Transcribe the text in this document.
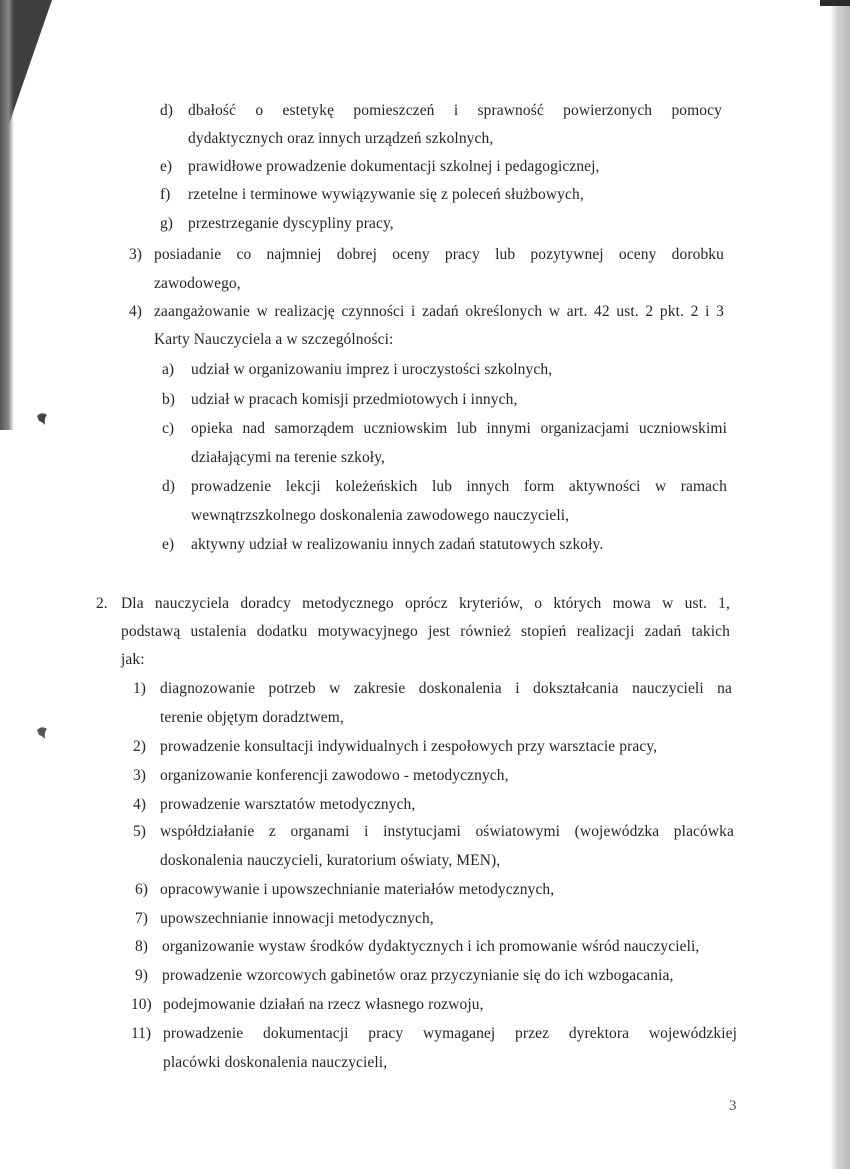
d) dbałość o estetykę pomieszczeń i sprawność powierzonych pomocy

dydaktycznych oraz innych urządzeń szkolnych,

e) prawidłowe prowadzenie dokumentacji szkolnej i pedagogicznej,

f) rzetelne i terminowe wywiązywanie się z poleceń służbowych,

g) przestrzeganie dyscypliny pracy,

3) posiadanie co najmniej dobrej oceny pracy lub pozytywnej oceny dorobku

zawodowego,

4) zaangażowanie w realizację czynności i zadań określonych w art. 42 ust. 2 pkt. 2 i 3

Karty Nauczyciela a w szczególności:

a) udział w organizowaniu imprez i uroczystości szkolnych,

b) udział w pracach komisji przedmiotowych i innych,

c) opieka nad samorządem uczniowskim lub innymi organizacjami uczniowskimi

działającymi na terenie szkoły,

d) prowadzenie lekcji koleżeńskich lub innych form aktywności w ramach

wewnątrzszkolnego doskonalenia zawodowego nauczycieli,

e) aktywny udział w realizowaniu innych zadań statutowych szkoły.

2. Dla nauczyciela doradcy metodycznego oprócz kryteriów, o których mowa w ust. 1,

podstawą ustalenia dodatku motywacyjnego jest również stopień realizacji zadań takich

jak:

1) diagnozowanie potrzeb w zakresie doskonalenia i dokształcania nauczycieli na

terenie objętym doradztwem,

2) prowadzenie konsultacji indywidualnych i zespołowych przy warsztacie pracy,

3) organizowanie konferencji zawodowo - metodycznych,

4) prowadzenie warsztatów metodycznych,

5) współdziałanie z organami i instytucjami oświatowymi (wojewódzka placówka

doskonalenia nauczycieli, kuratorium oświaty, MEN),

6) opracowywanie i upowszechnianie materiałów metodycznych,

7) upowszechnianie innowacji metodycznych,

8) organizowanie wystaw środków dydaktycznych i ich promowanie wśród nauczycieli,

9) prowadzenie wzorcowych gabinetów oraz przyczynianie się do ich wzbogacania,

10) podejmowanie działań na rzecz własnego rozwoju,

11) prowadzenie dokumentacji pracy wymaganej przez dyrektora wojewódzkiej

placówki doskonalenia nauczycieli,

3
